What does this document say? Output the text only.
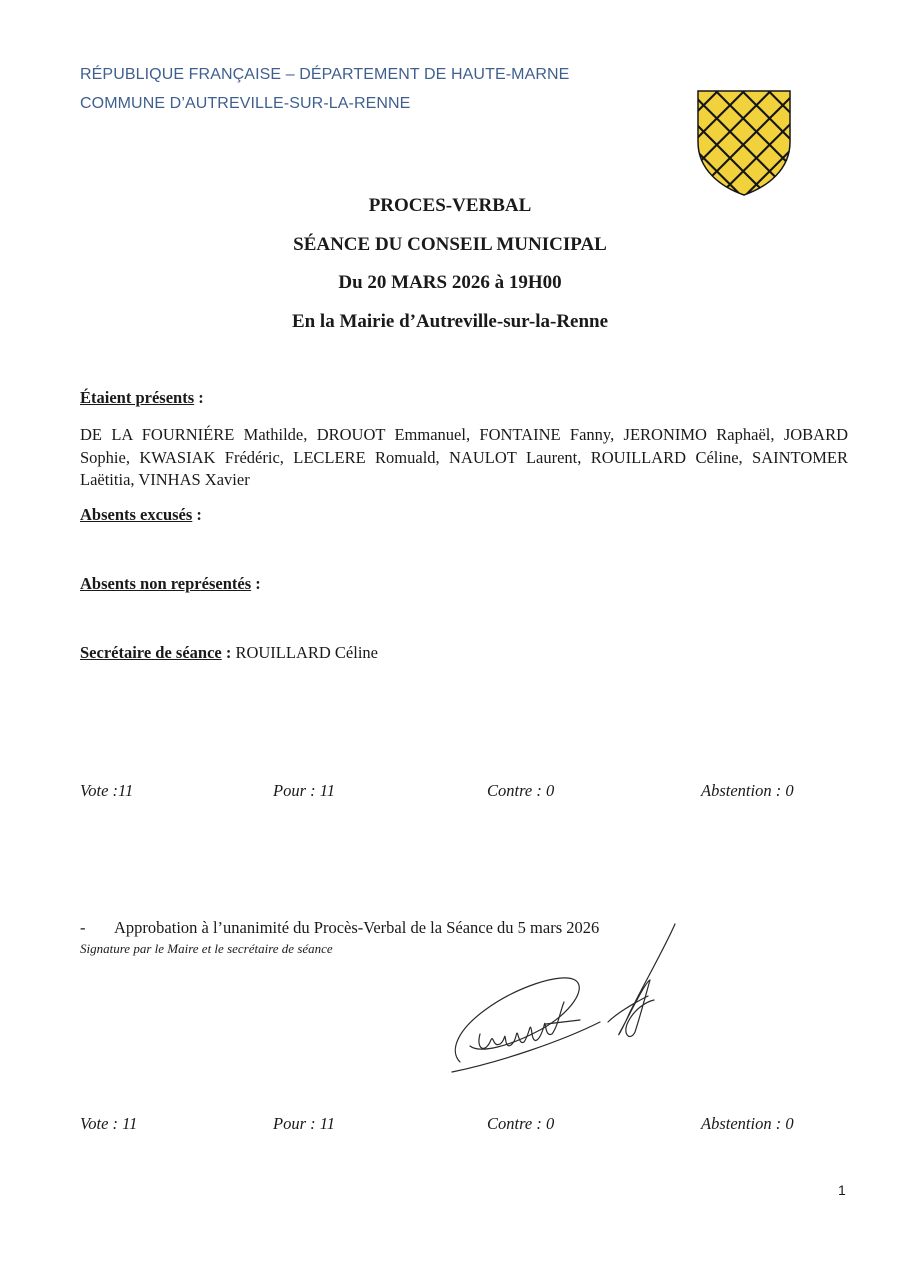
RÉPUBLIQUE FRANÇAISE – DÉPARTEMENT DE HAUTE-MARNE
COMMUNE D’AUTREVILLE-SUR-LA-RENNE
PROCES-VERBAL
SÉANCE DU CONSEIL MUNICIPAL
Du 20 MARS 2026 à 19H00
En la Mairie d’Autreville-sur-la-Renne
Étaient présents :
DE LA FOURNIÉRE Mathilde, DROUOT Emmanuel, FONTAINE Fanny, JERONIMO Raphaël, JOBARD Sophie, KWASIAK Frédéric, LECLERE Romuald, NAULOT Laurent, ROUILLARD Céline, SAINTOMER Laëtitia, VINHAS Xavier
Absents excusés :
Absents non représentés :
Secrétaire de séance : ROUILLARD Céline
Vote :11	Pour : 11	Contre : 0	Abstention : 0
- Approbation à l’unanimité du Procès-Verbal de la Séance du 5 mars 2026
Signature par le Maire et le secrétaire de séance
Vote : 11	Pour : 11	Contre : 0	Abstention : 0
1
